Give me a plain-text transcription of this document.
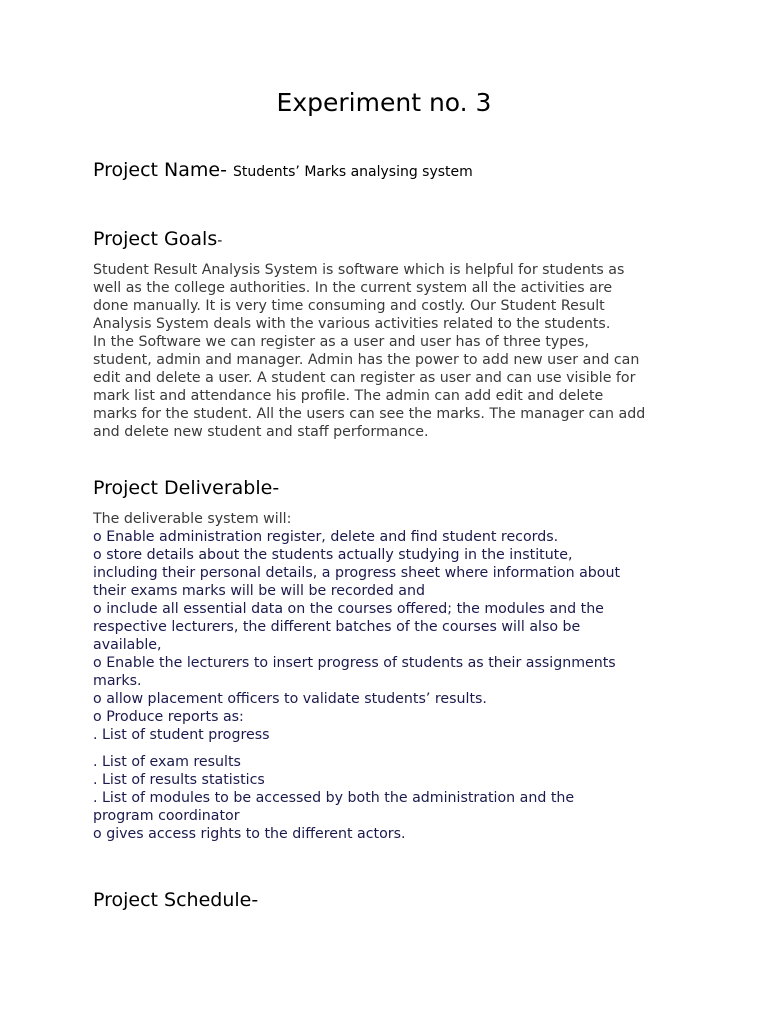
Experiment no. 3
Project Name- Students’ Marks analysing system
Project Goals-

Student Result Analysis System is software which is helpful for students as

well as the college authorities. In the current system all the activities are

done manually. It is very time consuming and costly. Our Student Result

Analysis System deals with the various activities related to the students.

In the Software we can register as a user and user has of three types,

student, admin and manager. Admin has the power to add new user and can

edit and delete a user. A student can register as user and can use visible for

mark list and attendance his profile. The admin can add edit and delete

marks for the student. All the users can see the marks. The manager can add

and delete new student and staff performance.

Project Deliverable-

The deliverable system will:

o Enable administration register, delete and find student records.

o store details about the students actually studying in the institute,

including their personal details, a progress sheet where information about

their exams marks will be will be recorded and

o include all essential data on the courses offered; the modules and the

respective lecturers, the different batches of the courses will also be

available,

o Enable the lecturers to insert progress of students as their assignments

marks.

o allow placement officers to validate students’ results.

o Produce reports as:

. List of student progress

. List of exam results

. List of results statistics

. List of modules to be accessed by both the administration and the

program coordinator

o gives access rights to the different actors.

Project Schedule-
